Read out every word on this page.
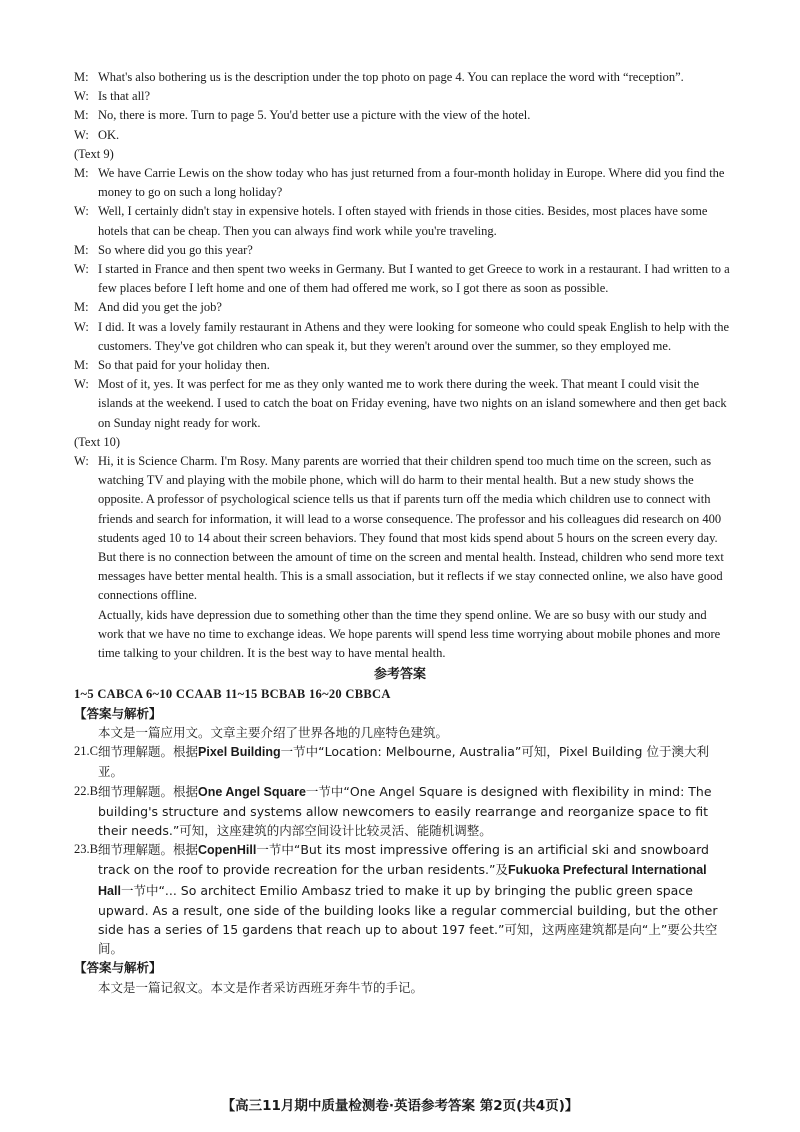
M: What's also bothering us is the description under the top photo on page 4. You can replace the word with “reception”.
W: Is that all?
M: No, there is more. Turn to page 5. You'd better use a picture with the view of the hotel.
W: OK.
(Text 9)
M: We have Carrie Lewis on the show today who has just returned from a four-month holiday in Europe. Where did you find the money to go on such a long holiday?
W: Well, I certainly didn't stay in expensive hotels. I often stayed with friends in those cities. Besides, most places have some hotels that can be cheap. Then you can always find work while you're traveling.
M: So where did you go this year?
W: I started in France and then spent two weeks in Germany. But I wanted to get Greece to work in a restaurant. I had written to a few places before I left home and one of them had offered me work, so I got there as soon as possible.
M: And did you get the job?
W: I did. It was a lovely family restaurant in Athens and they were looking for someone who could speak English to help with the customers. They've got children who can speak it, but they weren't around over the summer, so they employed me.
M: So that paid for your holiday then.
W: Most of it, yes. It was perfect for me as they only wanted me to work there during the week. That meant I could visit the islands at the weekend. I used to catch the boat on Friday evening, have two nights on an island somewhere and then get back on Sunday night ready for work.
(Text 10)
W: Hi, it is Science Charm. I'm Rosy. Many parents are worried that their children spend too much time on the screen, such as watching TV and playing with the mobile phone, which will do harm to their mental health. But a new study shows the opposite. A professor of psychological science tells us that if parents turn off the media which children use to connect with friends and search for information, it will lead to a worse consequence. The professor and his colleagues did research on 400 students aged 10 to 14 about their screen behaviors. They found that most kids spend about 5 hours on the screen every day. But there is no connection between the amount of time on the screen and mental health. Instead, children who send more text messages have better mental health. This is a small association, but it reflects if we stay connected online, we also have good connections offline.

Actually, kids have depression due to something other than the time they spend online. We are so busy with our study and work that we have no time to exchange ideas. We hope parents will spend less time worrying about mobile phones and more time talking to your children. It is the best way to have mental health.

参考答案
1~5 CABCA 6~10 CCAAB 11~15 BCBAB 16~20 CBBCA
【答案与解析】
本文是一篇应用文。文章主要介绍了世界各地的几座特色建筑。
21.C 细节理解题。根据Pixel Building一节中“Location: Melbourne, Australia”可知，Pixel Building 位于澳大利亚。
22.B 细节理解题。根据One Angel Square一节中“One Angel Square is designed with flexibility in mind: The building's structure and systems allow newcomers to easily rearrange and reorganize space to fit their needs.”可知，这座建筑的内部空间设计比较灵活、能随机调整。
23.B 细节理解题。根据CopenHill一节中“But its most impressive offering is an artificial ski and snowboard track on the roof to provide recreation for the urban residents.”及Fukuoka Prefectural International Hall一节中“... So architect Emilio Ambasz tried to make it up by bringing the public green space upward. As a result, one side of the building looks like a regular commercial building, but the other side has a series of 15 gardens that reach up to about 197 feet.”可知，这两座建筑都是向“上”要公共空间。
【答案与解析】
本文是一篇记叙文。本文是作者采访西班牙奔牛节的手记。
【高三11月期中质量检测卷·英语参考答案 第2页(共4页)】
